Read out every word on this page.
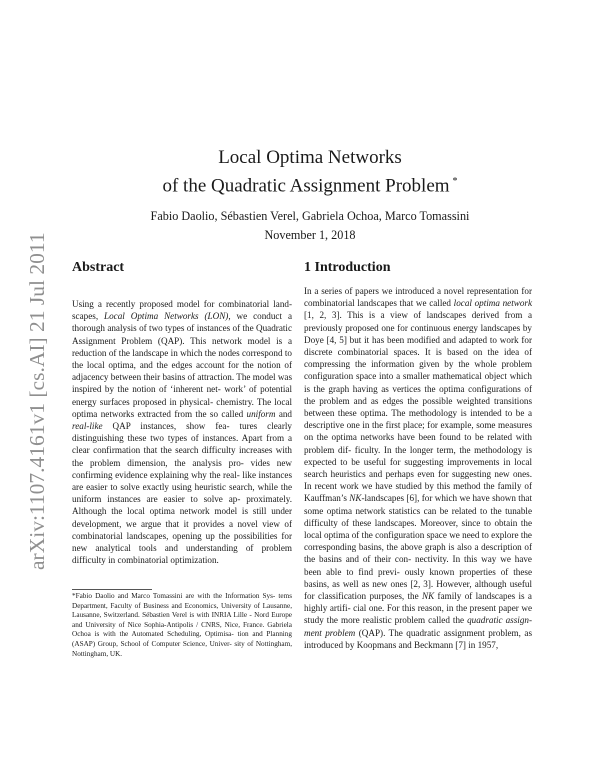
arXiv:1107.4161v1 [cs.AI] 21 Jul 2011
Local Optima Networks
of the Quadratic Assignment Problem *
Fabio Daolio, Sébastien Verel, Gabriela Ochoa, Marco Tomassini
November 1, 2018
Abstract

Using a recently proposed model for combinatorial land- scapes, Local Optima Networks (LON), we conduct a thorough analysis of two types of instances of the Quadratic Assignment Problem (QAP). This network model is a reduction of the landscape in which the nodes correspond to the local optima, and the edges account for the notion of adjacency between their basins of attraction. The model was inspired by the notion of ‘inherent net- work’ of potential energy surfaces proposed in physical- chemistry. The local optima networks extracted from the so called uniform and real-like QAP instances, show fea- tures clearly distinguishing these two types of instances. Apart from a clear confirmation that the search difficulty increases with the problem dimension, the analysis pro- vides new confirming evidence explaining why the real- like instances are easier to solve exactly using heuristic search, while the uniform instances are easier to solve ap- proximately. Although the local optima network model is still under development, we argue that it provides a novel view of combinatorial landscapes, opening up the possibilities for new analytical tools and understanding of problem difficulty in combinatorial optimization.

*Fabio Daolio and Marco Tomassini are with the Information Sys- tems Department, Faculty of Business and Economics, University of Lausanne, Lausanne, Switzerland. Sébastien Verel is with INRIA Lille - Nord Europe and University of Nice Sophia-Antipolis / CNRS, Nice, France. Gabriela Ochoa is with the Automated Scheduling, Optimisa- tion and Planning (ASAP) Group, School of Computer Science, Univer- sity of Nottingham, Nottingham, UK.

1 Introduction

In a series of papers we introduced a novel representation for combinatorial landscapes that we called local optima network [1, 2, 3]. This is a view of landscapes derived from a previously proposed one for continuous energy landscapes by Doye [4, 5] but it has been modified and adapted to work for discrete combinatorial spaces. It is based on the idea of compressing the information given by the whole problem configuration space into a smaller mathematical object which is the graph having as vertices the optima configurations of the problem and as edges the possible weighted transitions between these optima. The methodology is intended to be a descriptive one in the first place; for example, some measures on the optima networks have been found to be related with problem dif- ficulty. In the longer term, the methodology is expected to be useful for suggesting improvements in local search heuristics and perhaps even for suggesting new ones. In recent work we have studied by this method the family of Kauffman’s NK-landscapes [6], for which we have shown that some optima network statistics can be related to the tunable difficulty of these landscapes. Moreover, since to obtain the local optima of the configuration space we need to explore the corresponding basins, the above graph is also a description of the basins and of their con- nectivity. In this way we have been able to find previ- ously known properties of these basins, as well as new ones [2, 3]. However, although useful for classification purposes, the NK family of landscapes is a highly artifi- cial one. For this reason, in the present paper we study the more realistic problem called the quadratic assign- ment problem (QAP). The quadratic assignment problem, as introduced by Koopmans and Beckmann [7] in 1957,
